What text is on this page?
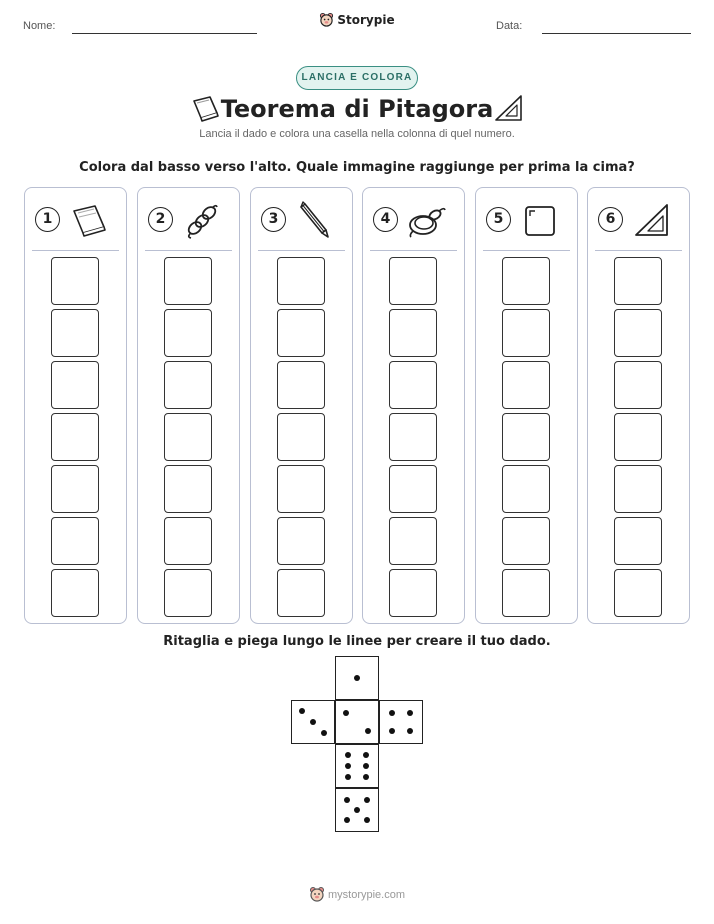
Nome:	Storypie	Data:
LANCIA E COLORA
Teorema di Pitagora
Lancia il dado e colora una casella nella colonna di quel numero.
Colora dal basso verso l'alto. Quale immagine raggiunge per prima la cima?
1	2	3	4	5	6
Ritaglia e piega lungo le linee per creare il tuo dado.
mystorypie.com
